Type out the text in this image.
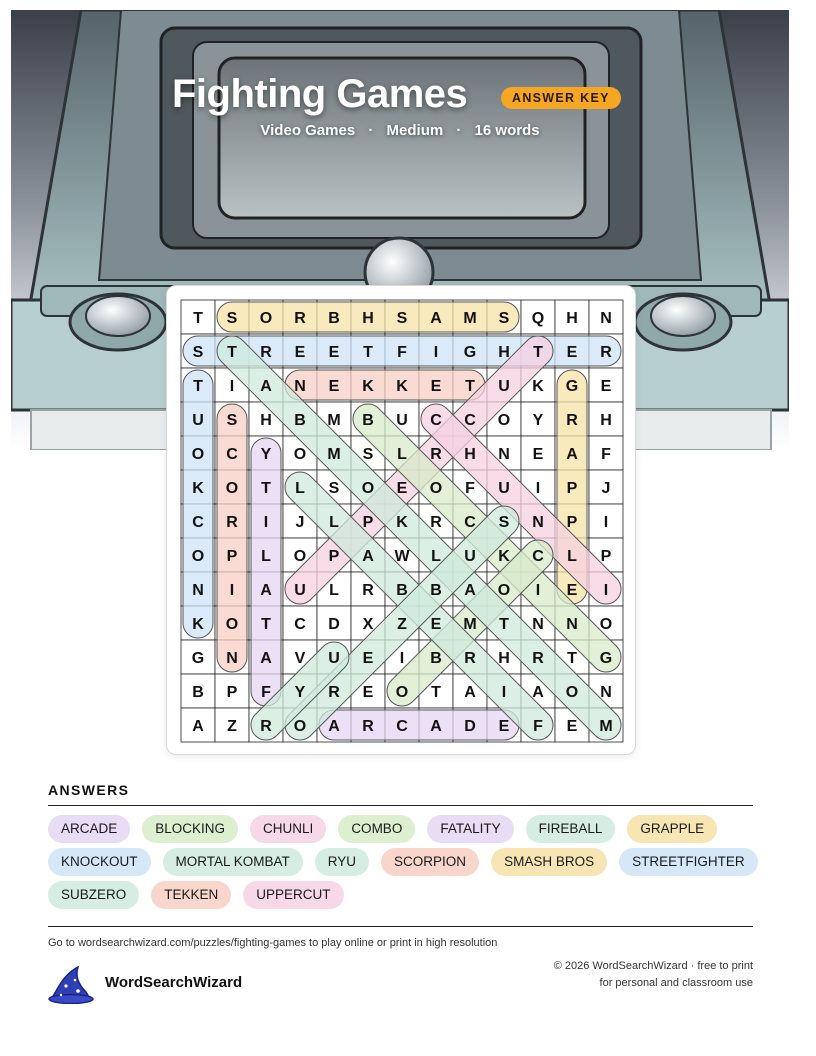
Fighting Games	ANSWER KEY
Video Games · Medium · 16 words
T S O R B H S A M S Q H N
S T R E E T F I G H T E R
T I A N E K K E T U K G E
U S H B M B U C C O Y R H
O C Y O M S L R H N E A F
K O T L S O E O F U I P J
C R I J L P K R C S N P I
O P L O P A W L U K C L P
N I A U L R B B A O I E I
K O T C D X Z E M T N N O
G N A V U E I B R H R T G
B P F Y R E O T A I A O N
A Z R O A R C A D E F E M
ANSWERS
ARCADE	BLOCKING	CHUNLI	COMBO	FATALITY	FIREBALL	GRAPPLE
KNOCKOUT	MORTAL KOMBAT	RYU	SCORPION	SMASH BROS	STREETFIGHTER
SUBZERO	TEKKEN	UPPERCUT
Go to wordsearchwizard.com/puzzles/fighting-games to play online or print in high resolution
WordSearchWizard
© 2026 WordSearchWizard · free to print for personal and classroom use
